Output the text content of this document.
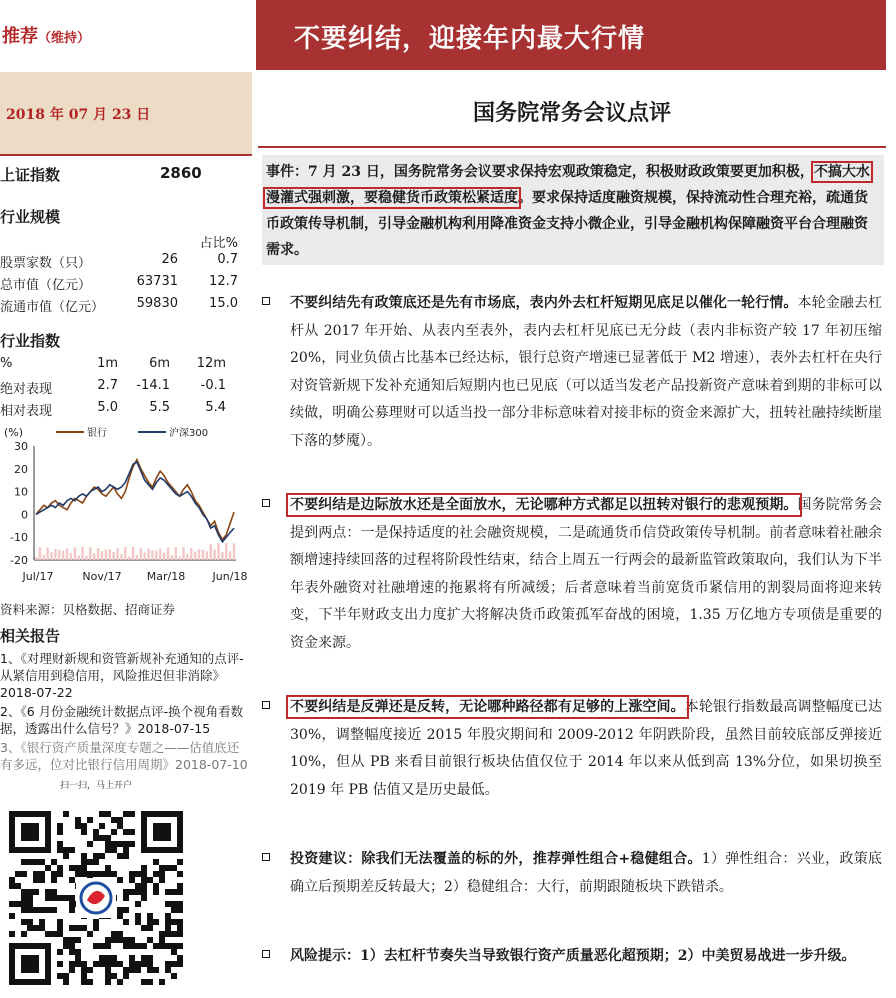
推荐（维持）	不要纠结，迎接年内最大行情
2018 年 07 月 23 日	国务院常务会议点评
上证指数	2860
行业规模
占比%
股票家数（只）	26	0.7
总市值（亿元）	63731	12.7
流通市值（亿元）	59830	15.0
行业指数
%	1m	6m	12m
绝对表现	2.7	-14.1	-0.1
相对表现	5.0	5.5	5.4
(%)	银行	沪深300
30
20
10
0
-10
-20
Jul/17	Nov/17 Mar/18 Jun/18
资料来源：贝格数据、招商证券
相关报告
1、《对理财新规和资管新规补充通知的点评-从紧信用到稳信用，风险推迟但非消除》2018-07-22
2、《6 月份金融统计数据点评-换个视角看数据，透露出什么信号？》2018-07-15
3、《银行资产质量深度专题之——估值底还有多远，位对比银行信用周期》2018-07-10
扫一扫，马上开户
事件：7 月 23 日，国务院常务会议要求保持宏观政策稳定，积极财政政策要更加积极，不搞大水漫灌式强刺激，要稳健货币政策松紧适度。要求保持适度融资规模，保持流动性合理充裕，疏通货币政策传导机制，引导金融机构利用降准资金支持小微企业，引导金融机构保障融资平台合理融资需求。
不要纠结先有政策底还是先有市场底，表内外去杠杆短期见底足以催化一轮行情。本轮金融去杠杆从 2017 年开始、从表内至表外，表内去杠杆见底已无分歧（表内非标资产较 17 年初压缩 20%，同业负债占比基本已经达标，银行总资产增速已显著低于 M2 增速），表外去杠杆在央行对资管新规下发补充通知后短期内也已见底（可以适当发老产品投新资产意味着到期的非标可以续做，明确公募理财可以适当投一部分非标意味着对接非标的资金来源扩大，扭转社融持续断崖下落的梦魇）。
不要纠结是边际放水还是全面放水，无论哪种方式都足以扭转对银行的悲观预期。国务院常务会提到两点：一是保持适度的社会融资规模，二是疏通货币信贷政策传导机制。前者意味着社融余额增速持续回落的过程将阶段性结束，结合上周五一行两会的最新监管政策取向，我们认为下半年表外融资对社融增速的拖累将有所减缓；后者意味着当前宽货币紧信用的割裂局面将迎来转变，下半年财政支出力度扩大将解决货币政策孤军奋战的困境，1.35 万亿地方专项债是重要的资金来源。
不要纠结是反弹还是反转，无论哪种路径都有足够的上涨空间。本轮银行指数最高调整幅度已达 30%，调整幅度接近 2015 年股灾期间和 2009-2012 年阴跌阶段，虽然目前较底部反弹接近 10%，但从 PB 来看目前银行板块估值仅位于 2014 年以来从低到高 13%分位，如果切换至 2019 年 PB 估值又是历史最低。
投资建议：除我们无法覆盖的标的外，推荐弹性组合+稳健组合。1）弹性组合：兴业，政策底确立后预期差反转最大；2）稳健组合：大行，前期跟随板块下跌错杀。
风险提示：1）去杠杆节奏失当导致银行资产质量恶化超预期；2）中美贸易战进一步升级。
